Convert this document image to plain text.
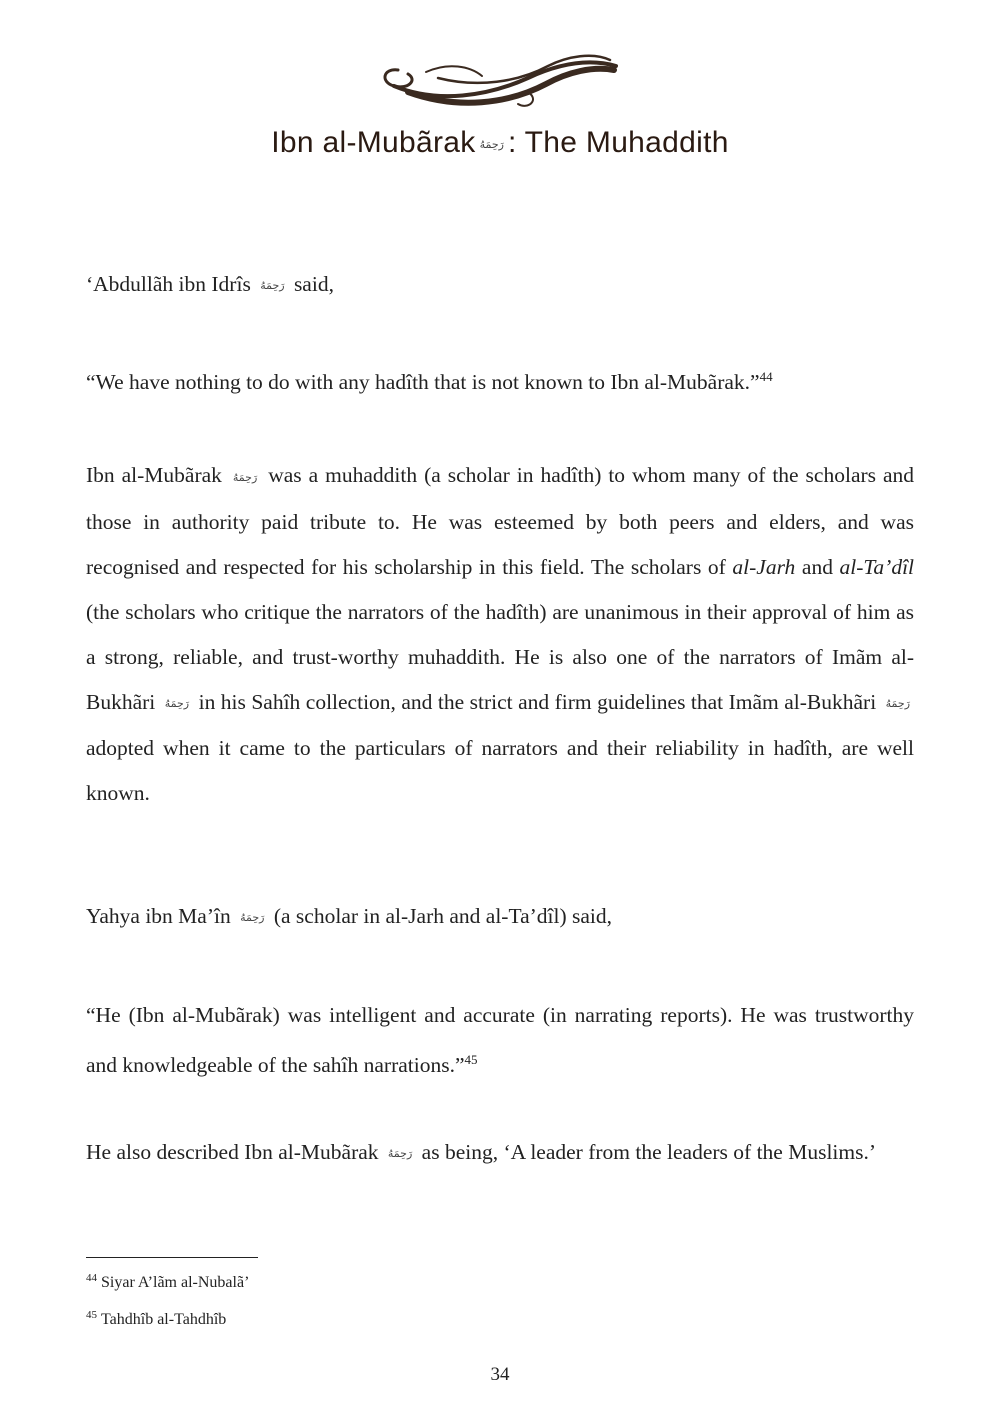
Ibn al-Mubãrak رَحِمَهُ : The Muhaddith
‘Abdullãh ibn Idrîs رَحِمَهُ said,
“We have nothing to do with any hadîth that is not known to Ibn al-Mubãrak.”$^{44}$
Ibn al-Mubãrak رَحِمَهُ was a muhaddith (a scholar in hadîth) to whom many of the scholars and those in authority paid tribute to. He was esteemed by both peers and elders, and was recognised and respected for his scholarship in this field. The scholars of al-Jarh and al-Ta’dîl (the scholars who critique the narrators of the hadîth) are unanimous in their approval of him as a strong, reliable, and trust-worthy muhaddith. He is also one of the narrators of Imãm al-Bukhãri رَحِمَهُ in his Sahîh collection, and the strict and firm guidelines that Imãm al-Bukhãri رَحِمَهُ adopted when it came to the particulars of narrators and their reliability in hadîth, are well known.
Yahya ibn Ma’în رَحِمَهُ (a scholar in al-Jarh and al-Ta’dîl) said,
“He (Ibn al-Mubãrak) was intelligent and accurate (in narrating reports). He was trustworthy and knowledgeable of the sahîh narrations.”$^{45}$
He also described Ibn al-Mubãrak رَحِمَهُ as being, ‘A leader from the leaders of the Muslims.’
$^{44}$ Siyar A’lãm al-Nubalã’
$^{45}$ Tahdhîb al-Tahdhîb
34
